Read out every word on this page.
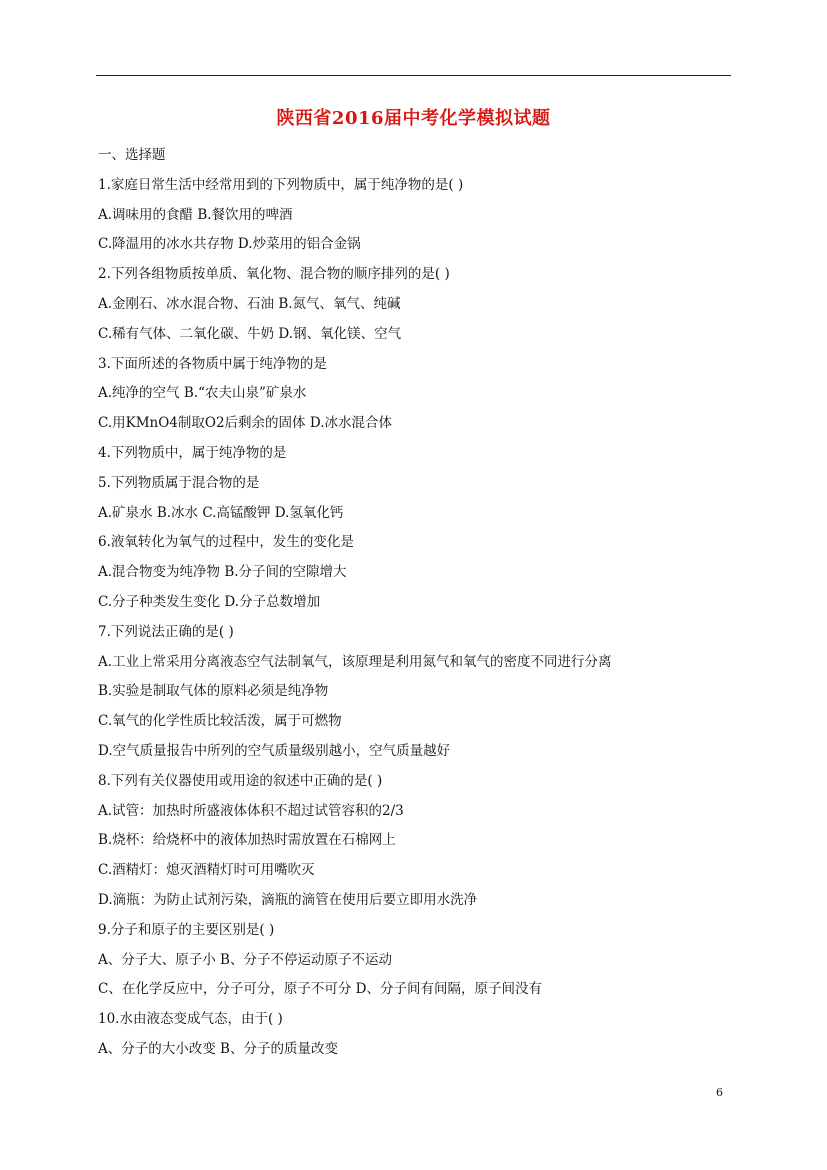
陕西省2016届中考化学模拟试题
一、选择题
1.家庭日常生活中经常用到的下列物质中，属于纯净物的是( )
A.调味用的食醋 B.餐饮用的啤酒
C.降温用的冰水共存物 D.炒菜用的铝合金锅
2.下列各组物质按单质、氧化物、混合物的顺序排列的是( )
A.金刚石、冰水混合物、石油 B.氮气、氧气、纯碱
C.稀有气体、二氧化碳、牛奶 D.钢、氧化镁、空气
3.下面所述的各物质中属于纯净物的是
A.纯净的空气 B.“农夫山泉”矿泉水
C.用KMnO4制取O2后剩余的固体 D.冰水混合体
4.下列物质中，属于纯净物的是
5.下列物质属于混合物的是
A.矿泉水 B.冰水 C.高锰酸钾 D.氢氧化钙
6.液氧转化为氧气的过程中，发生的变化是
A.混合物变为纯净物 B.分子间的空隙增大
C.分子种类发生变化 D.分子总数增加
7.下列说法正确的是( )
A.工业上常采用分离液态空气法制氧气，该原理是利用氮气和氧气的密度不同进行分离
B.实验是制取气体的原料必须是纯净物
C.氧气的化学性质比较活泼，属于可燃物
D.空气质量报告中所列的空气质量级别越小，空气质量越好
8.下列有关仪器使用或用途的叙述中正确的是( )
A.试管：加热时所盛液体体积不超过试管容积的2/3
B.烧杯：给烧杯中的液体加热时需放置在石棉网上
C.酒精灯：熄灭酒精灯时可用嘴吹灭
D.滴瓶：为防止试剂污染，滴瓶的滴管在使用后要立即用水洗净
9.分子和原子的主要区别是( )
A、分子大、原子小 B、分子不停运动原子不运动
C、在化学反应中，分子可分，原子不可分 D、分子间有间隔，原子间没有
10.水由液态变成气态，由于( )
A、分子的大小改变 B、分子的质量改变
6
